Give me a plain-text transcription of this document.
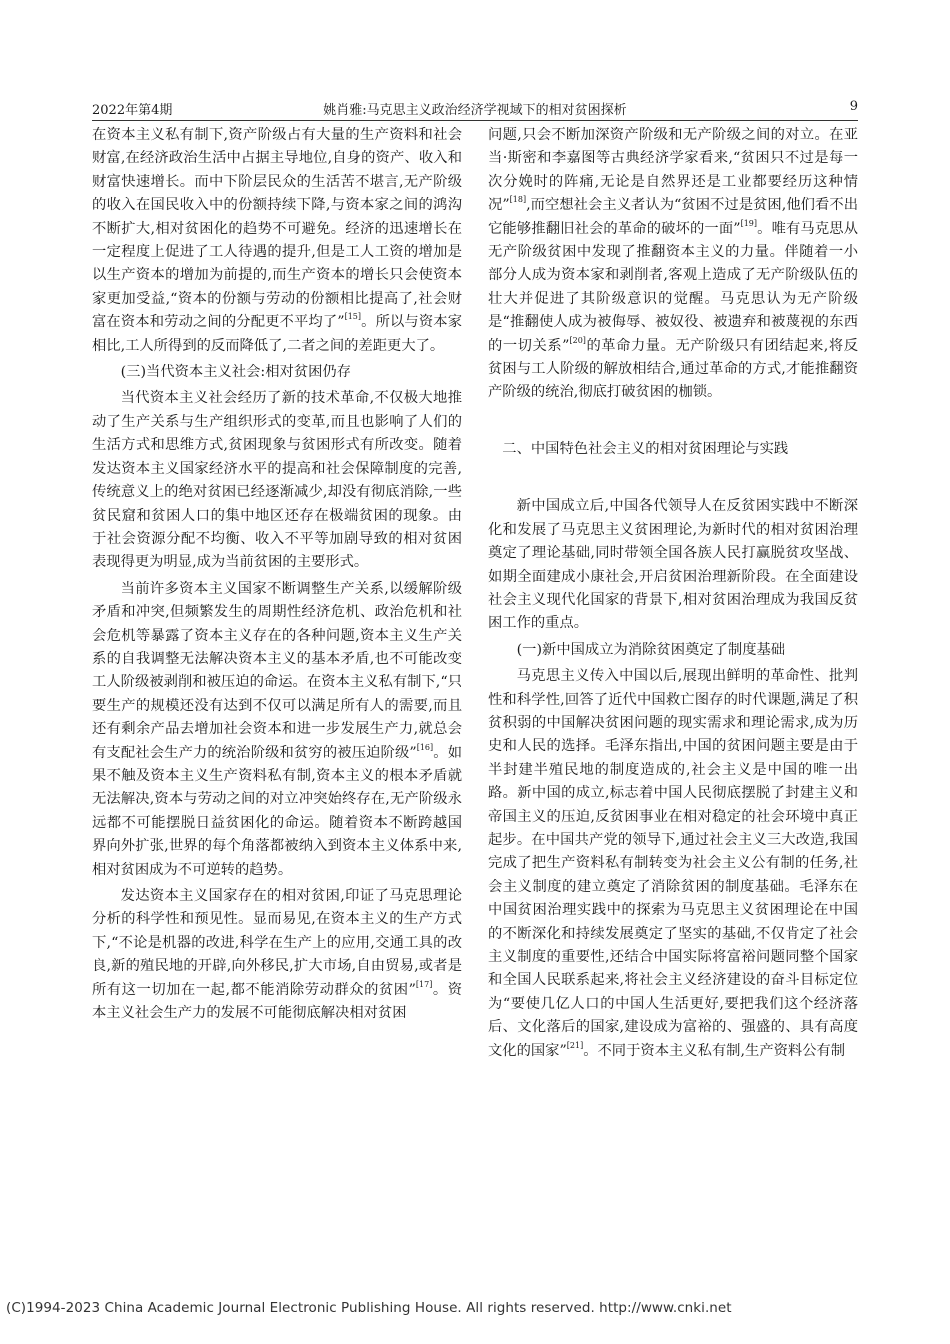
2022年第4期	姚肖雅:马克思主义政治经济学视域下的相对贫困探析	9

在资本主义私有制下,资产阶级占有大量的生产资料和社会财富,在经济政治生活中占据主导地位,自身的资产、收入和财富快速增长。而中下阶层民众的生活苦不堪言,无产阶级的收入在国民收入中的份额持续下降,与资本家之间的鸿沟不断扩大,相对贫困化的趋势不可避免。经济的迅速增长在一定程度上促进了工人待遇的提升,但是工人工资的增加是以生产资本的增加为前提的,而生产资本的增长只会使资本家更加受益,“资本的份额与劳动的份额相比提高了,社会财富在资本和劳动之间的分配更不平均了”[15]。所以与资本家相比,工人所得到的反而降低了,二者之间的差距更大了。

(三)当代资本主义社会:相对贫困仍存

当代资本主义社会经历了新的技术革命,不仅极大地推动了生产关系与生产组织形式的变革,而且也影响了人们的生活方式和思维方式,贫困现象与贫困形式有所改变。随着发达资本主义国家经济水平的提高和社会保障制度的完善,传统意义上的绝对贫困已经逐渐减少,却没有彻底消除,一些贫民窟和贫困人口的集中地区还存在极端贫困的现象。由于社会资源分配不均衡、收入不平等加剧导致的相对贫困表现得更为明显,成为当前贫困的主要形式。

当前许多资本主义国家不断调整生产关系,以缓解阶级矛盾和冲突,但频繁发生的周期性经济危机、政治危机和社会危机等暴露了资本主义存在的各种问题,资本主义生产关系的自我调整无法解决资本主义的基本矛盾,也不可能改变工人阶级被剥削和被压迫的命运。在资本主义私有制下,“只要生产的规模还没有达到不仅可以满足所有人的需要,而且还有剩余产品去增加社会资本和进一步发展生产力,就总会有支配社会生产力的统治阶级和贫穷的被压迫阶级”[16]。如果不触及资本主义生产资料私有制,资本主义的根本矛盾就无法解决,资本与劳动之间的对立冲突始终存在,无产阶级永远都不可能摆脱日益贫困化的命运。随着资本不断跨越国界向外扩张,世界的每个角落都被纳入到资本主义体系中来,相对贫困成为不可逆转的趋势。

发达资本主义国家存在的相对贫困,印证了马克思理论分析的科学性和预见性。显而易见,在资本主义的生产方式下,“不论是机器的改进,科学在生产上的应用,交通工具的改良,新的殖民地的开辟,向外移民,扩大市场,自由贸易,或者是所有这一切加在一起,都不能消除劳动群众的贫困”[17]。资本主义社会生产力的发展不可能彻底解决相对贫困

问题,只会不断加深资产阶级和无产阶级之间的对立。在亚当·斯密和李嘉图等古典经济学家看来,“贫困只不过是每一次分娩时的阵痛,无论是自然界还是工业都要经历这种情况”[18],而空想社会主义者认为“贫困不过是贫困,他们看不出它能够推翻旧社会的革命的破坏的一面”[19]。唯有马克思从无产阶级贫困中发现了推翻资本主义的力量。伴随着一小部分人成为资本家和剥削者,客观上造成了无产阶级队伍的壮大并促进了其阶级意识的觉醒。马克思认为无产阶级是“推翻使人成为被侮辱、被奴役、被遗弃和被蔑视的东西的一切关系”[20]的革命力量。无产阶级只有团结起来,将反贫困与工人阶级的解放相结合,通过革命的方式,才能推翻资产阶级的统治,彻底打破贫困的枷锁。

二、中国特色社会主义的相对贫困理论与实践

新中国成立后,中国各代领导人在反贫困实践中不断深化和发展了马克思主义贫困理论,为新时代的相对贫困治理奠定了理论基础,同时带领全国各族人民打赢脱贫攻坚战、如期全面建成小康社会,开启贫困治理新阶段。在全面建设社会主义现代化国家的背景下,相对贫困治理成为我国反贫困工作的重点。

(一)新中国成立为消除贫困奠定了制度基础

马克思主义传入中国以后,展现出鲜明的革命性、批判性和科学性,回答了近代中国救亡图存的时代课题,满足了积贫积弱的中国解决贫困问题的现实需求和理论需求,成为历史和人民的选择。毛泽东指出,中国的贫困问题主要是由于半封建半殖民地的制度造成的,社会主义是中国的唯一出路。新中国的成立,标志着中国人民彻底摆脱了封建主义和帝国主义的压迫,反贫困事业在相对稳定的社会环境中真正起步。在中国共产党的领导下,通过社会主义三大改造,我国完成了把生产资料私有制转变为社会主义公有制的任务,社会主义制度的建立奠定了消除贫困的制度基础。毛泽东在中国贫困治理实践中的探索为马克思主义贫困理论在中国的不断深化和持续发展奠定了坚实的基础,不仅肯定了社会主义制度的重要性,还结合中国实际将富裕问题同整个国家和全国人民联系起来,将社会主义经济建设的奋斗目标定位为“要使几亿人口的中国人生活更好,要把我们这个经济落后、文化落后的国家,建设成为富裕的、强盛的、具有高度文化的国家”[21]。不同于资本主义私有制,生产资料公有制

(C)1994-2023 China Academic Journal Electronic Publishing House. All rights reserved. http://www.cnki.net
